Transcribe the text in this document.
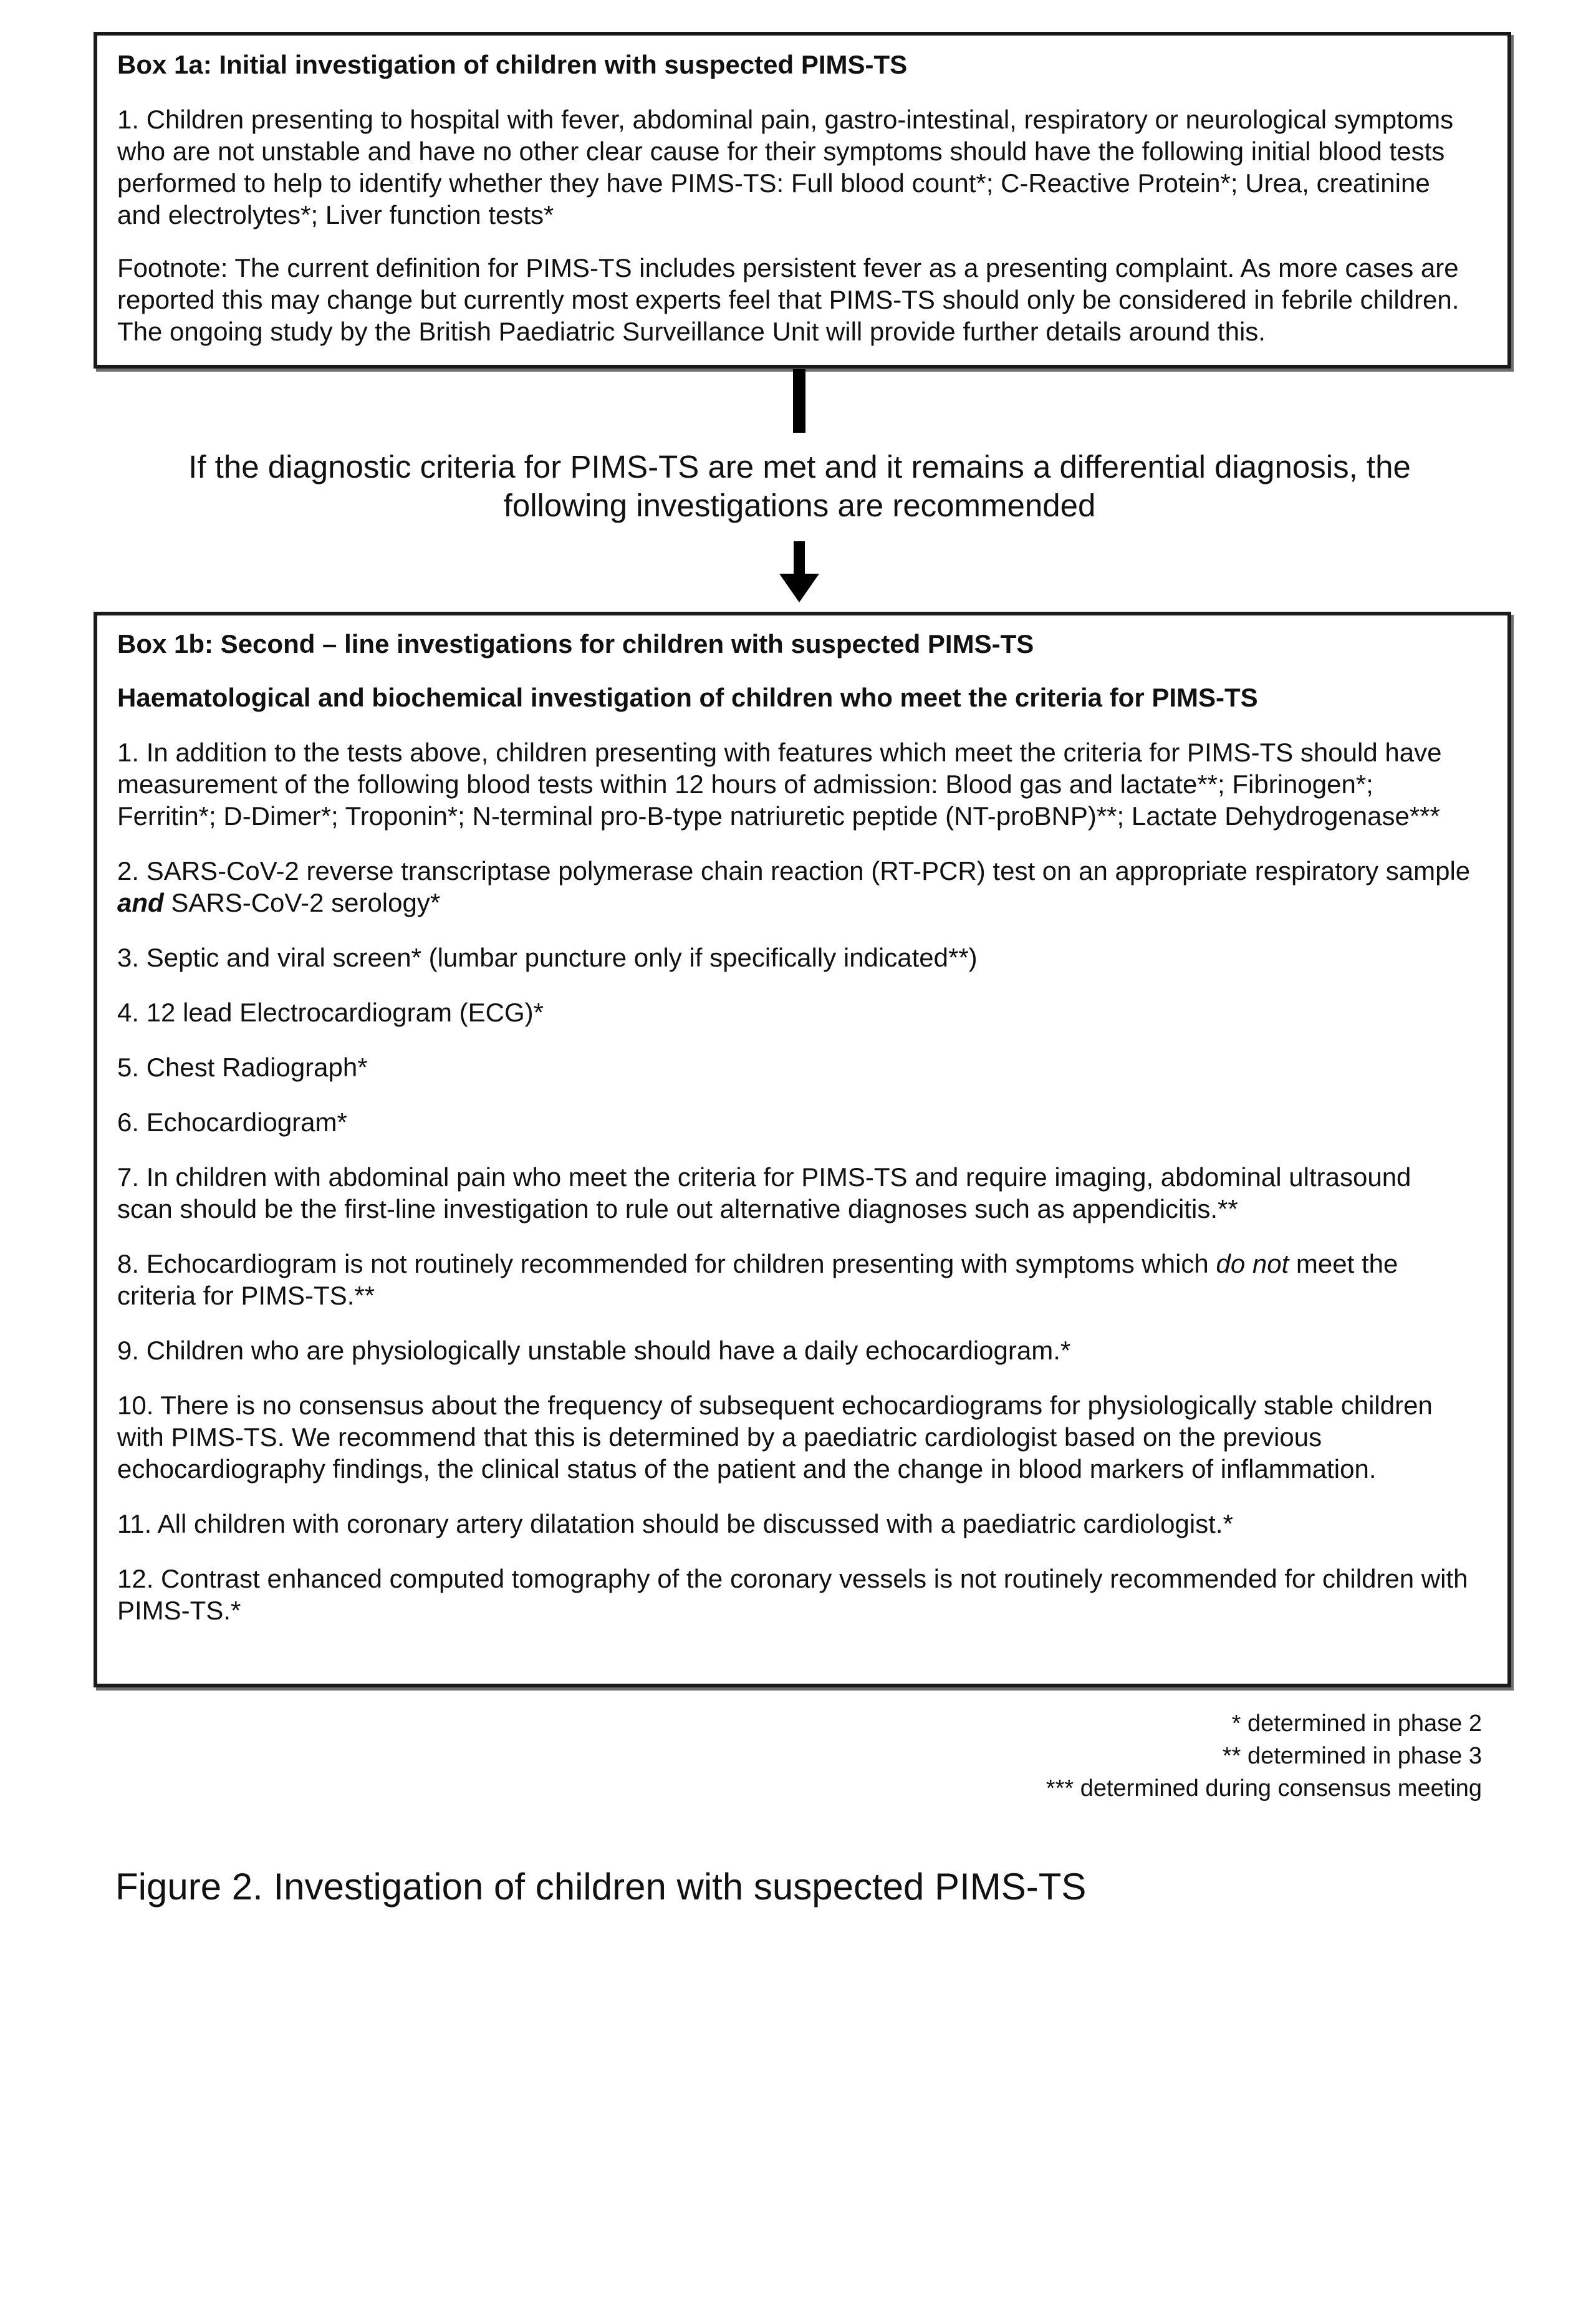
Box 1a: Initial investigation of children with suspected PIMS-TS

1. Children presenting to hospital with fever, abdominal pain, gastro-intestinal, respiratory or neurological symptoms who are not unstable and have no other clear cause for their symptoms should have the following initial blood tests performed to help to identify whether they have PIMS-TS: Full blood count*; C-Reactive Protein*; Urea, creatinine and electrolytes*; Liver function tests*

Footnote: The current definition for PIMS-TS includes persistent fever as a presenting complaint. As more cases are reported this may change but currently most experts feel that PIMS-TS should only be considered in febrile children. The ongoing study by the British Paediatric Surveillance Unit will provide further details around this.

If the diagnostic criteria for PIMS-TS are met and it remains a differential diagnosis, the following investigations are recommended

Box 1b: Second – line investigations for children with suspected PIMS-TS

Haematological and biochemical investigation of children who meet the criteria for PIMS-TS

1. In addition to the tests above, children presenting with features which meet the criteria for PIMS-TS should have measurement of the following blood tests within 12 hours of admission: Blood gas and lactate**; Fibrinogen*; Ferritin*; D-Dimer*; Troponin*; N-terminal pro-B-type natriuretic peptide (NT-proBNP)**; Lactate Dehydrogenase***

2. SARS-CoV-2 reverse transcriptase polymerase chain reaction (RT-PCR) test on an appropriate respiratory sample and SARS-CoV-2 serology*

3. Septic and viral screen* (lumbar puncture only if specifically indicated**)

4. 12 lead Electrocardiogram (ECG)*

5. Chest Radiograph*

6. Echocardiogram*

7. In children with abdominal pain who meet the criteria for PIMS-TS and require imaging, abdominal ultrasound scan should be the first-line investigation to rule out alternative diagnoses such as appendicitis.**

8. Echocardiogram is not routinely recommended for children presenting with symptoms which do not meet the criteria for PIMS-TS.**

9. Children who are physiologically unstable should have a daily echocardiogram.*

10. There is no consensus about the frequency of subsequent echocardiograms for physiologically stable children with PIMS-TS. We recommend that this is determined by a paediatric cardiologist based on the previous echocardiography findings, the clinical status of the patient and the change in blood markers of inflammation.

11. All children with coronary artery dilatation should be discussed with a paediatric cardiologist.*

12. Contrast enhanced computed tomography of the coronary vessels is not routinely recommended for children with PIMS-TS.*

* determined in phase 2
** determined in phase 3
*** determined during consensus meeting

Figure 2. Investigation of children with suspected PIMS-TS
